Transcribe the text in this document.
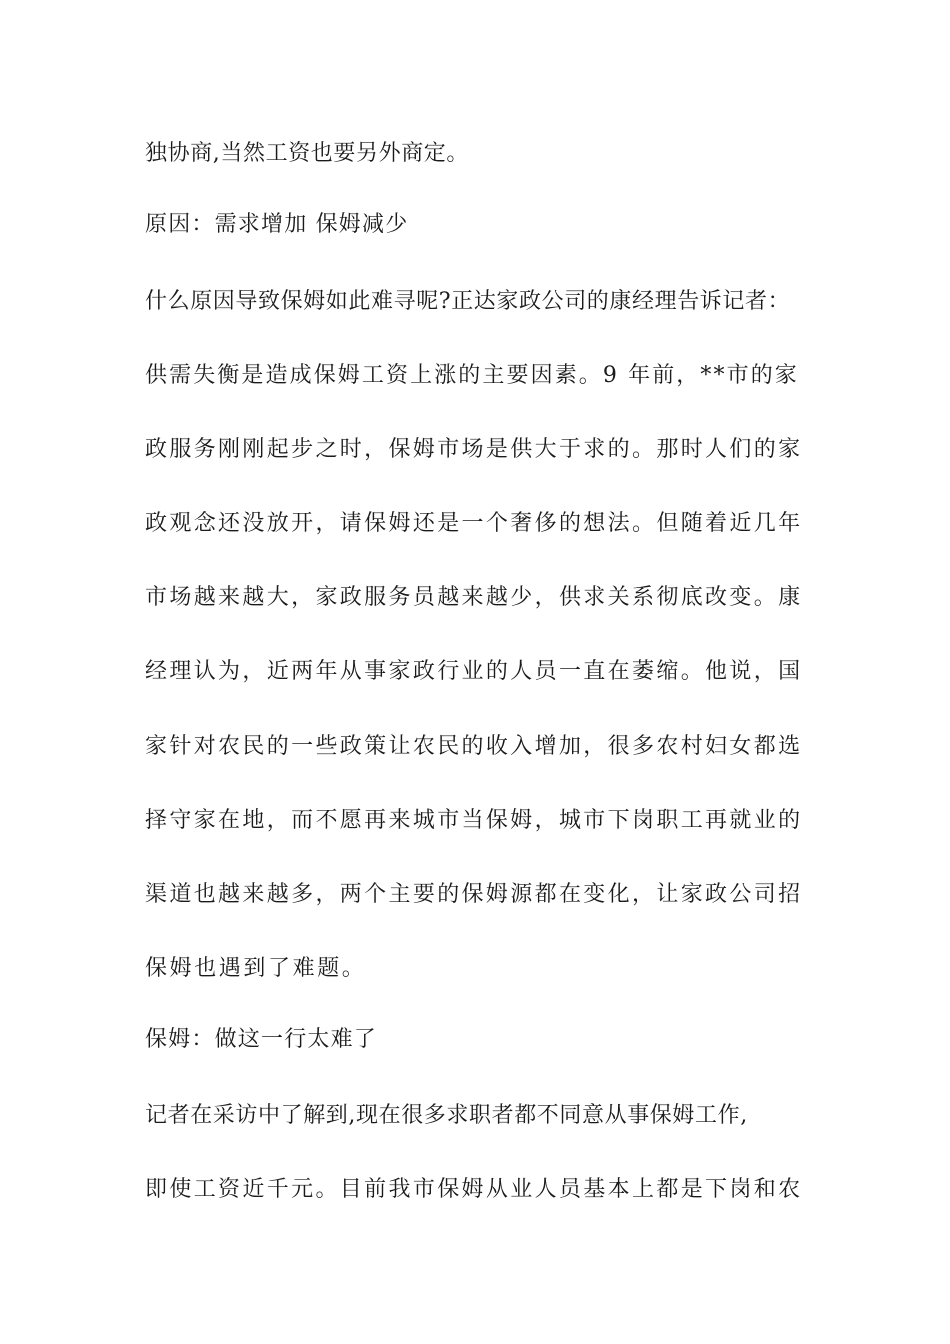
独协商,当然工资也要另外商定。
原因：需求增加 保姆减少
什么原因导致保姆如此难寻呢?正达家政公司的康经理告诉记者：
供需失衡是造成保姆工资上涨的主要因素。9 年前，**市的家
政服务刚刚起步之时，保姆市场是供大于求的。那时人们的家
政观念还没放开，请保姆还是一个奢侈的想法。但随着近几年
市场越来越大，家政服务员越来越少，供求关系彻底改变。康
经理认为，近两年从事家政行业的人员一直在萎缩。他说，国
家针对农民的一些政策让农民的收入增加，很多农村妇女都选
择守家在地，而不愿再来城市当保姆，城市下岗职工再就业的
渠道也越来越多，两个主要的保姆源都在变化，让家政公司招
保姆也遇到了难题。
保姆：做这一行太难了
记者在采访中了解到,现在很多求职者都不同意从事保姆工作,
即使工资近千元。目前我市保姆从业人员基本上都是下岗和农
